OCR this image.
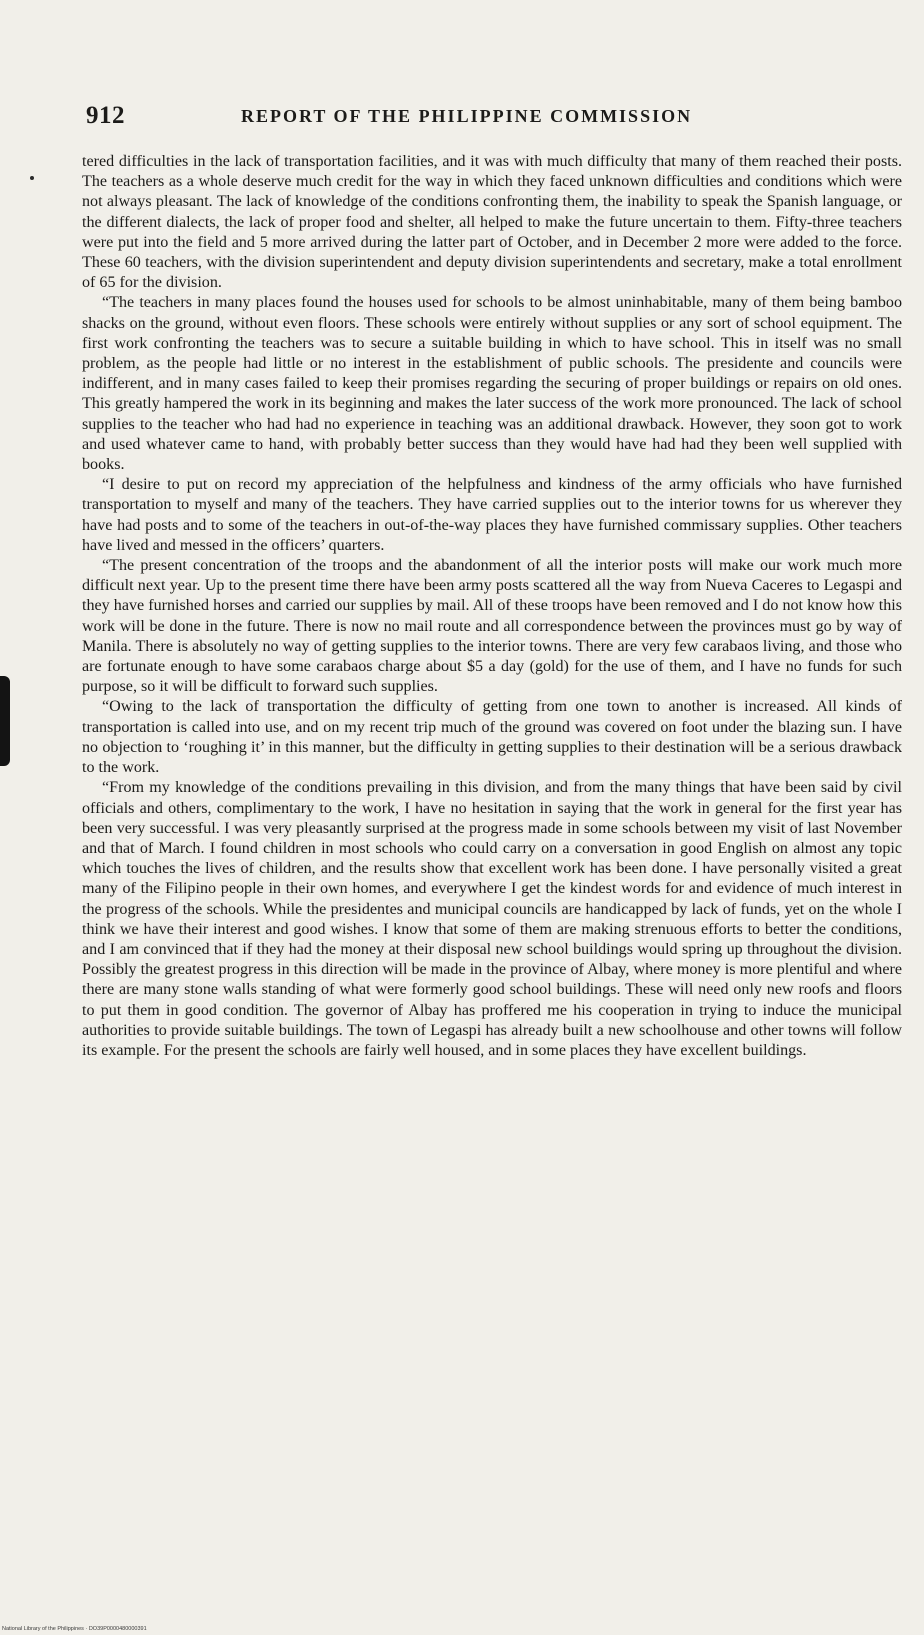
912	REPORT OF THE PHILIPPINE COMMISSION

tered difficulties in the lack of transportation facilities, and it was with much difficulty that many of them reached their posts. The teachers as a whole deserve much credit for the way in which they faced unknown difficulties and conditions which were not always pleasant. The lack of knowledge of the conditions confronting them, the inability to speak the Spanish language, or the different dialects, the lack of proper food and shelter, all helped to make the future uncertain to them. Fifty-three teachers were put into the field and 5 more arrived during the latter part of October, and in December 2 more were added to the force. These 60 teachers, with the division superintendent and deputy division superintendents and secretary, make a total enrollment of 65 for the division.

“The teachers in many places found the houses used for schools to be almost uninhabitable, many of them being bamboo shacks on the ground, without even floors. These schools were entirely without supplies or any sort of school equipment. The first work confronting the teachers was to secure a suitable building in which to have school. This in itself was no small problem, as the people had little or no interest in the establishment of public schools. The presidente and councils were indifferent, and in many cases failed to keep their promises regarding the securing of proper buildings or repairs on old ones. This greatly hampered the work in its beginning and makes the later success of the work more pronounced. The lack of school supplies to the teacher who had had no experience in teaching was an additional drawback. However, they soon got to work and used whatever came to hand, with probably better success than they would have had had they been well supplied with books.

“I desire to put on record my appreciation of the helpfulness and kindness of the army officials who have furnished transportation to myself and many of the teachers. They have carried supplies out to the interior towns for us wherever they have had posts and to some of the teachers in out-of-the-way places they have furnished commissary supplies. Other teachers have lived and messed in the officers’ quarters.

“The present concentration of the troops and the abandonment of all the interior posts will make our work much more difficult next year. Up to the present time there have been army posts scattered all the way from Nueva Caceres to Legaspi and they have furnished horses and carried our supplies by mail. All of these troops have been removed and I do not know how this work will be done in the future. There is now no mail route and all correspondence between the provinces must go by way of Manila. There is absolutely no way of getting supplies to the interior towns. There are very few carabaos living, and those who are fortunate enough to have some carabaos charge about $5 a day (gold) for the use of them, and I have no funds for such purpose, so it will be difficult to forward such supplies.

“Owing to the lack of transportation the difficulty of getting from one town to another is increased. All kinds of transportation is called into use, and on my recent trip much of the ground was covered on foot under the blazing sun. I have no objection to ‘roughing it’ in this manner, but the difficulty in getting supplies to their destination will be a serious drawback to the work.

“From my knowledge of the conditions prevailing in this division, and from the many things that have been said by civil officials and others, complimentary to the work, I have no hesitation in saying that the work in general for the first year has been very successful. I was very pleasantly surprised at the progress made in some schools between my visit of last November and that of March. I found children in most schools who could carry on a conversation in good English on almost any topic which touches the lives of children, and the results show that excellent work has been done. I have personally visited a great many of the Filipino people in their own homes, and everywhere I get the kindest words for and evidence of much interest in the progress of the schools. While the presidentes and municipal councils are handicapped by lack of funds, yet on the whole I think we have their interest and good wishes. I know that some of them are making strenuous efforts to better the conditions, and I am convinced that if they had the money at their disposal new school buildings would spring up throughout the division. Possibly the greatest progress in this direction will be made in the province of Albay, where money is more plentiful and where there are many stone walls standing of what were formerly good school buildings. These will need only new roofs and floors to put them in good condition. The governor of Albay has proffered me his cooperation in trying to induce the municipal authorities to provide suitable buildings. The town of Legaspi has already built a new schoolhouse and other towns will follow its example. For the present the schools are fairly well housed, and in some places they have excellent buildings.

National Library of the Philippines · DO39P0000480000391
